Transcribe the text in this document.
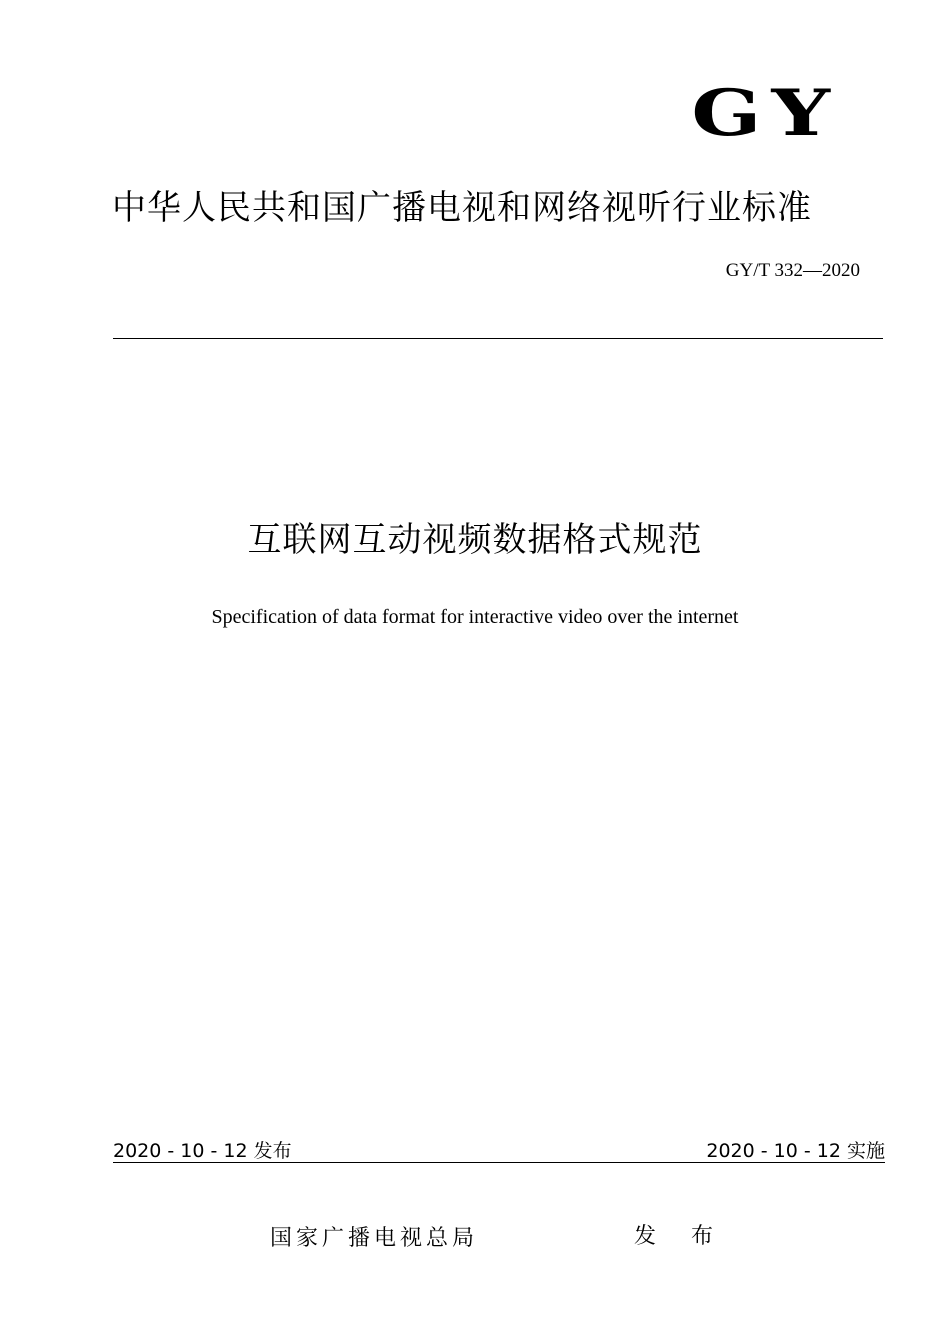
GY
中华人民共和国广播电视和网络视听行业标准
GY/T 332—2020
互联网互动视频数据格式规范
Specification of data format for interactive video over the internet
2020 - 10 - 12 发布	2020 - 10 - 12 实施
国家广播电视总局	发 布
